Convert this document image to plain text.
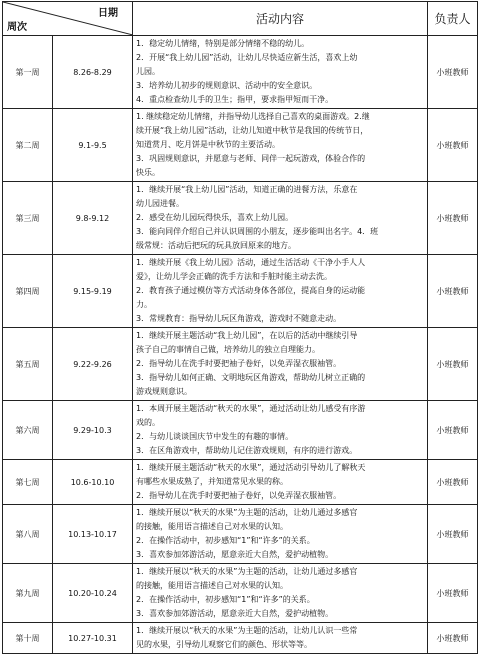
日期
周次		活动内容	负责人
第一周	8.26-8.29	1．稳定幼儿情绪，特别是部分情绪不稳的幼儿。
2．开展“我上幼儿园”活动，让幼儿尽快适应新生活，喜欢上幼
儿园。
3．培养幼儿初步的规则意识、活动中的安全意识。
4．重点检查幼儿手的卫生；指甲，要求指甲短而干净。	小班教师
第二周	9.1-9.5	1. 继续稳定幼儿情绪，并指导幼儿选择自己喜欢的桌面游戏。2.继
续开展“我上幼儿园”活动，让幼儿知道中秋节是我国的传统节日，
知道赏月、吃月饼是中秋节的主要活动。
3．巩固规则意识，并愿意与老师、同伴一起玩游戏，体验合作的
快乐。	小班教师
第三周	9.8-9.12	1．继续开展“我上幼儿园”活动，知道正确的进餐方法，乐意在
幼儿园进餐。
2．感受在幼儿园玩得快乐，喜欢上幼儿园。
3．能向同伴介绍自己并认识周围的小朋友，逐步能叫出名字。4．班
级常规：活动后把玩的玩具放回原来的地方。	小班教师
第四周	9.15-9.19	1．继续开展《我上幼儿园》活动，通过生活活动《干净小手人人
爱》，让幼儿学会正确的洗手方法和手脏时能主动去洗。
2．教育孩子通过模仿等方式活动身体各部位，提高自身的运动能
力。
3．常规教育：指导幼儿玩区角游戏，游戏时不随意走动。	小班教师
第五周	9.22-9.26	1．继续开展主题活动“我上幼儿园”，在以后的活动中继续引导
孩子自己的事情自己做，培养幼儿的独立自理能力。
2．指导幼儿在洗手时要把袖子卷好，以免弄湿衣服袖管。
3．指导幼儿如何正确、文明地玩区角游戏，帮助幼儿树立正确的
游戏规则意识。	小班教师
第六周	9.29-10.3	1．本周开展主题活动“秋天的水果”，通过活动让幼儿感受有序游
戏的。
2．与幼儿谈谈国庆节中发生的有趣的事情。
3．在区角游戏中，帮助幼儿记住游戏规则，有序的进行游戏。	小班教师
第七周	10.6-10.10	1．继续开展主题活动“秋天的水果”，通过活动引导幼儿了解秋天
有哪些水果成熟了，并知道常见水果的称。
2．指导幼儿在洗手时要把袖子卷好，以免弄湿衣服袖管。	小班教师
第八周	10.13-10.17	1．继续开展以“秋天的水果”为主题的活动，让幼儿通过多感官
的接触，能用语言描述自己对水果的认知。
2．在操作活动中，初步感知“1”和“许多”的关系。
3．喜欢参加郊游活动，愿意亲近大自然，爱护动植物。	小班教师
第九周	10.20-10.24	1．继续开展以“秋天的水果”为主题的活动，让幼儿通过多感官
的接触，能用语言描述自己对水果的认知。
2．在操作活动中，初步感知“1”和“许多”的关系。
3．喜欢参加郊游活动，愿意亲近大自然，爱护动植物。	小班教师
第十周	10.27-10.31	1．继续开展以“秋天的水果”为主题的活动，让幼儿认识一些常
见的水果，引导幼儿观察它们的颜色、形状等等。	小班教师
